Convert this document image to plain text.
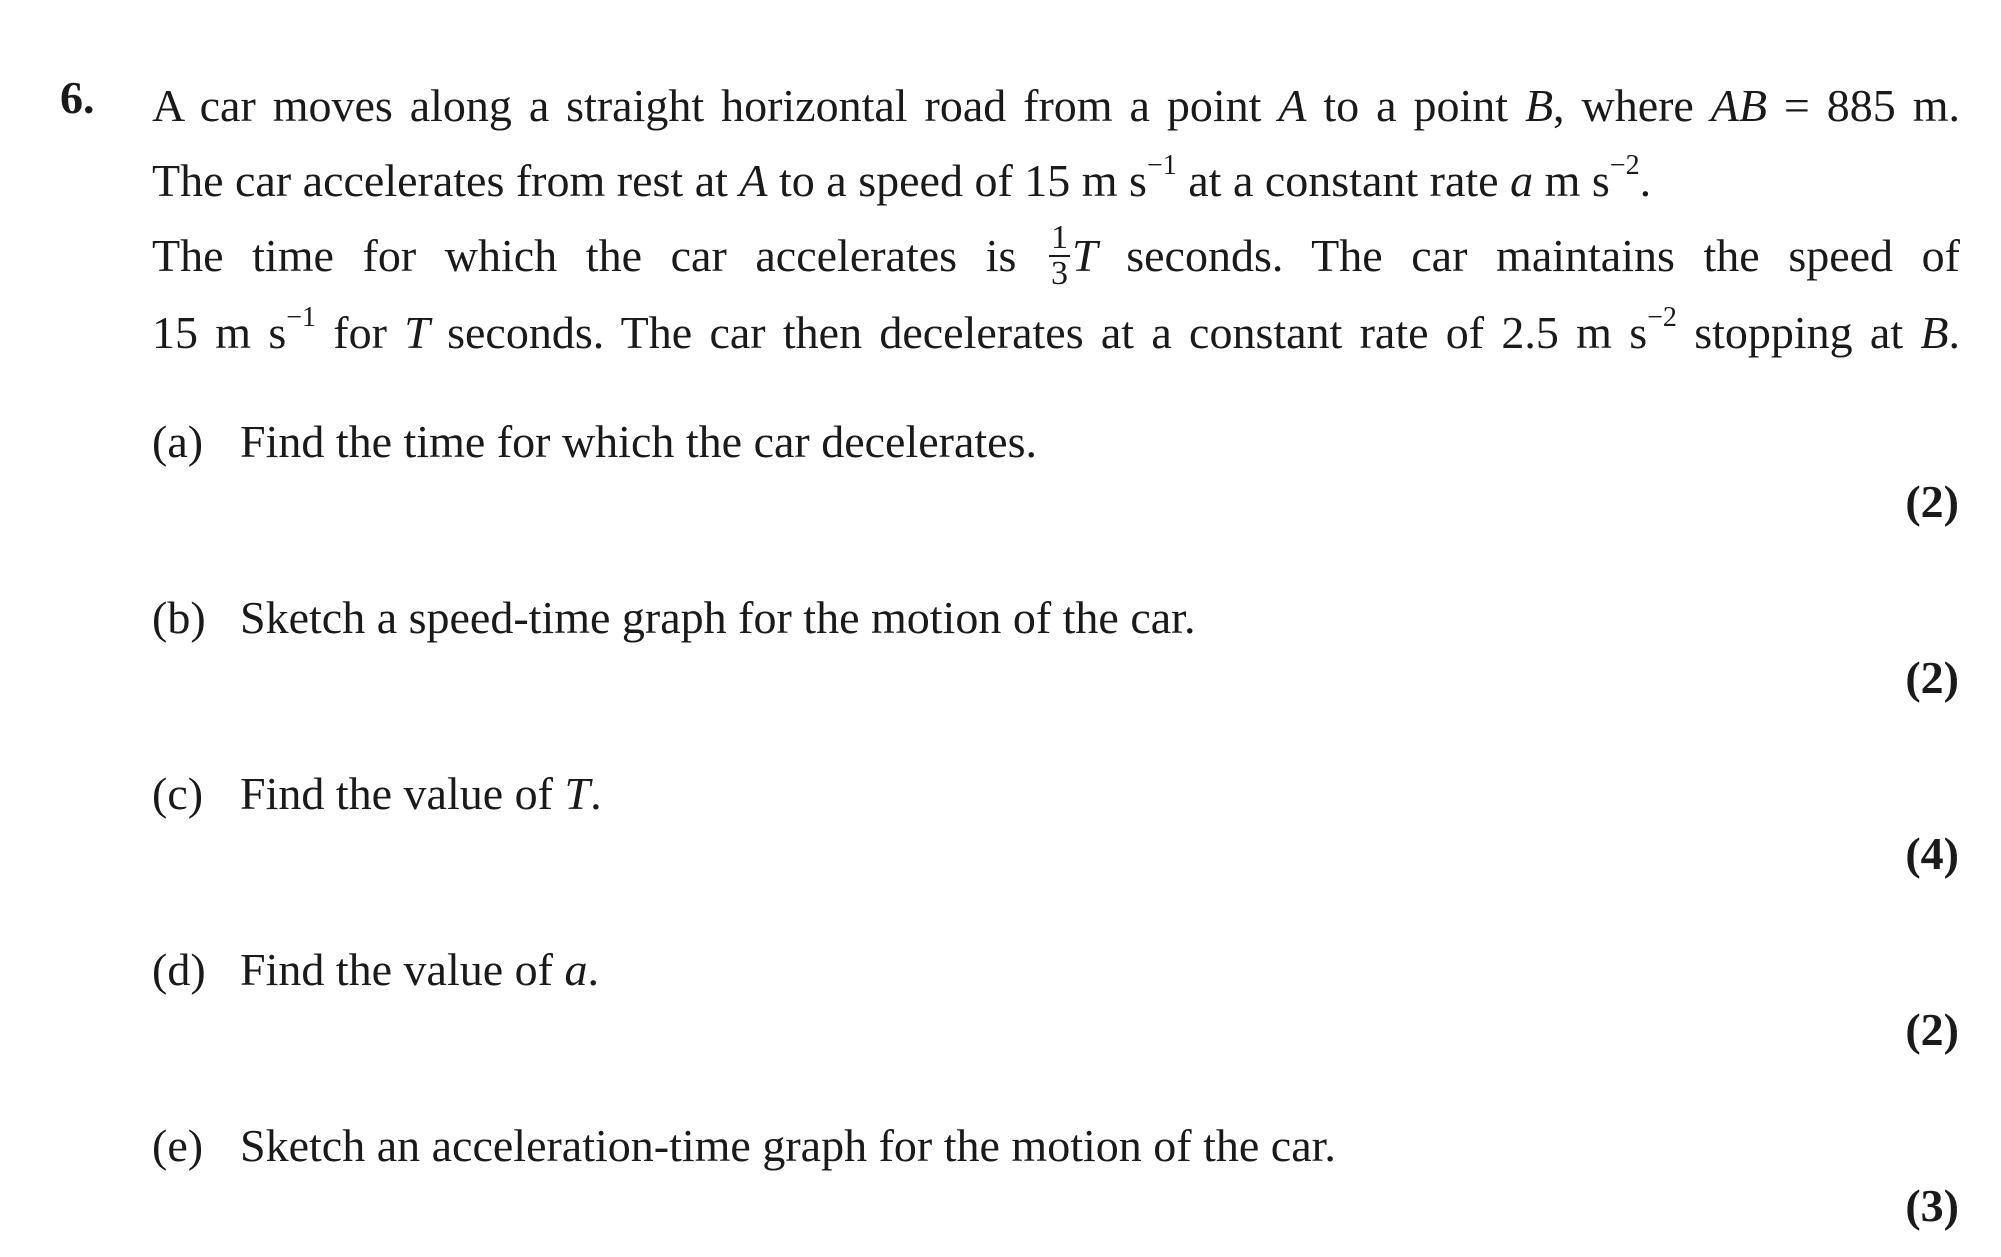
6. A car moves along a straight horizontal road from a point A to a point B, where AB = 885 m.
The car accelerates from rest at A to a speed of 15 m $s^{-1}$ at a constant rate a m $s^{-2}$.
The time for which the car accelerates is $\frac{1}{3}$ T seconds. The car maintains the speed of
15 m $s^{-1}$ for T seconds. The car then decelerates at a constant rate of 2.5 m $s^{-2}$ stopping at B.
(a) Find the time for which the car decelerates.
(2)
(b) Sketch a speed-time graph for the motion of the car.
(2)
(c) Find the value of T.
(4)
(d) Find the value of a.
(2)
(e) Sketch an acceleration-time graph for the motion of the car.
(3)
